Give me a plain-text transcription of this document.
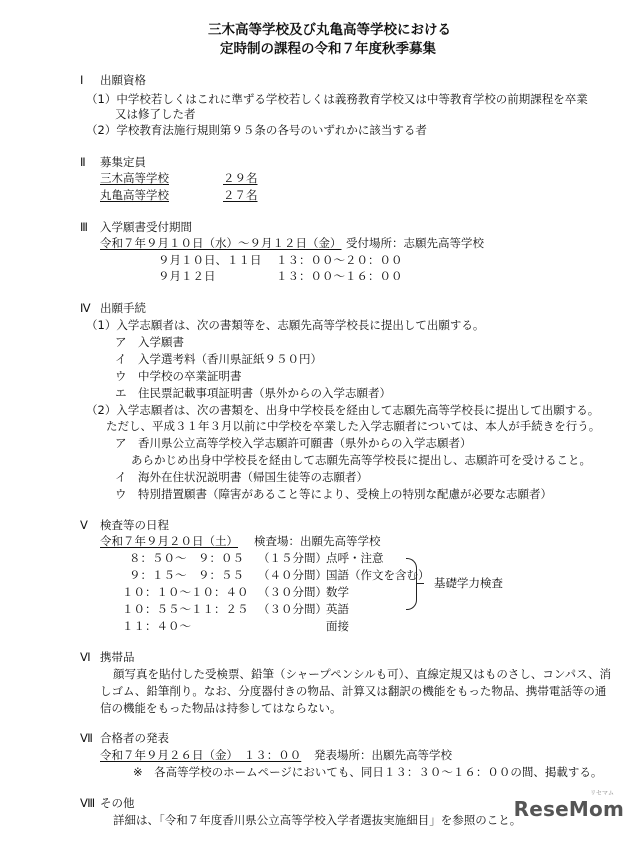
三木高等学校及び丸亀高等学校における
定時制の課程の令和７年度秋季募集
Ⅰ 出願資格
（1）中学校若しくはこれに準ずる学校若しくは義務教育学校又は中等教育学校の前期課程を卒業
又は修了した者
（2）学校教育法施行規則第９５条の各号のいずれかに該当する者
Ⅱ 募集定員
三木高等学校	２９名
丸亀高等学校	２７名
Ⅲ 入学願書受付期間
令和７年９月１０日（水）～９月１２日（金） 受付場所：志願先高等学校
９月１０日、１１日 １３：００～２０：００
９月１２日	１３：００～１６：００
Ⅳ 出願手続
（1）入学志願者は、次の書類等を、志願先高等学校長に提出して出願する。
ア　 入学願書
イ　 入学選考料（香川県証紙９５０円）
ウ　 中学校の卒業証明書
エ　 住民票記載事項証明書（県外からの入学志願者）
（2）入学志願者は、次の書類を、出身中学校長を経由して志願先高等学校長に提出して出願する。
ただし、平成３１年３月以前に中学校を卒業した入学志願者については、本人が手続きを行う。
ア　香川県公立高等学校入学志願許可願書（県外からの入学志願者）
あらかじめ出身中学校長を経由して志願先高等学校長に提出し、志願許可を受けること。
イ　海外在住状況説明書（帰国生徒等の志願者）
ウ　特別措置願書（障害があること等により、受検上の特別な配慮が必要な志願者）
Ⅴ 検査等の日程
令和７年９月２０日（土） 検査場：出願先高等学校
８：５０～　９：０５ （１５分間） 点呼・注意
９：１５～　９：５５ （４０分間） 国語（作文を含む）
１０：１０～１０：４０ （３０分間） 数学
１０：５５～１１：２５ （３０分間） 英語
１１：４０～	面接
基礎学力検査
Ⅵ 携帯品
顔写真を貼付した受検票、鉛筆（シャープペンシルも可）、直線定規又はものさし、コンパス、消
しゴム、鉛筆削り。なお、分度器付きの物品、計算又は翻訳の機能をもった物品、携帯電話等の通
信の機能をもった物品は持参してはならない。
Ⅶ 合格者の発表
令和７年９月２６日（金）　１３：００ 発表場所：出願先高等学校
※　各高等学校のホームページにおいても、同日１３：３０～１６：００の間、掲載する。
Ⅷ その他
詳細は、「令和７年度香川県公立高等学校入学者選抜実施細目」を参照のこと。
リセマム
ReseMom
